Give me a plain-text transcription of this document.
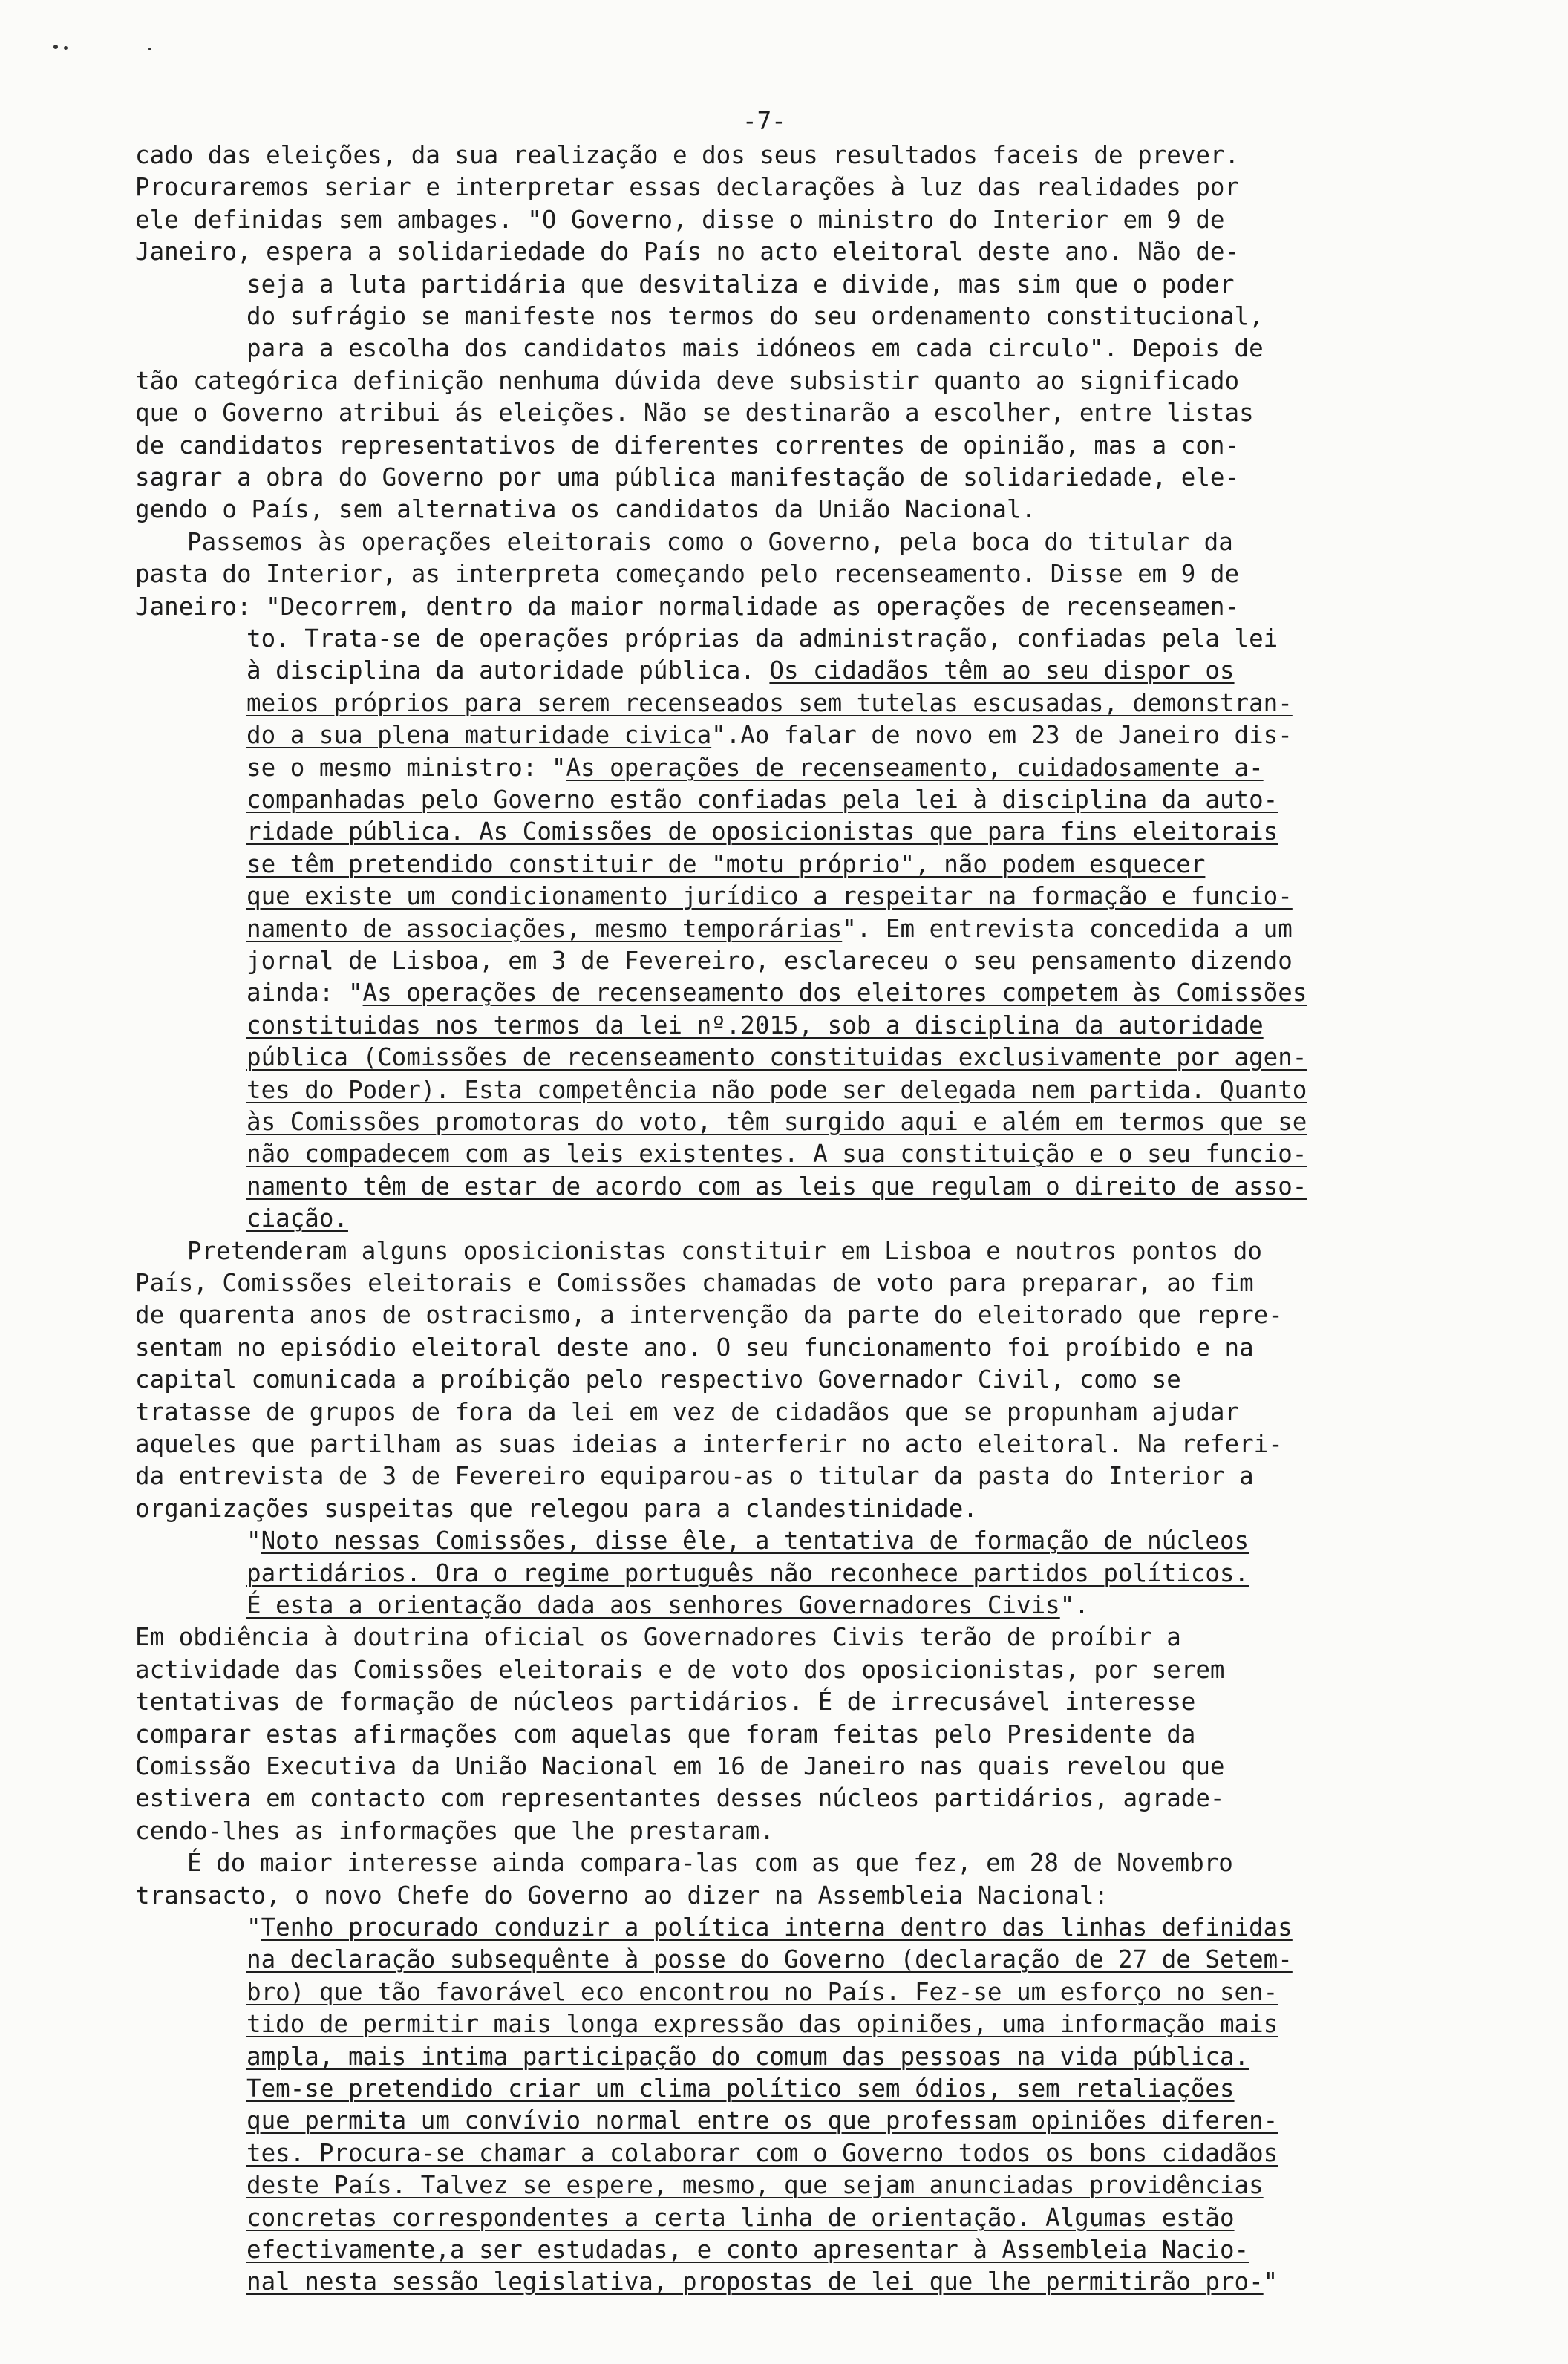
-7-
cado das eleições, da sua realização e dos seus resultados faceis de prever.
Procuraremos seriar e interpretar essas declarações à luz das realidades por
ele definidas sem ambages. "O Governo, disse o ministro do Interior em 9 de
Janeiro, espera a solidariedade do País no acto eleitoral deste ano. Não de-
seja a luta partidária que desvitaliza e divide, mas sim que o poder
do sufrágio se manifeste nos termos do seu ordenamento constitucional,
para a escolha dos candidatos mais idóneos em cada circulo". Depois de
tão categórica definição nenhuma dúvida deve subsistir quanto ao significado
que o Governo atribui ás eleições. Não se destinarão a escolher, entre listas
de candidatos representativos de diferentes correntes de opinião, mas a con-
sagrar a obra do Governo por uma pública manifestação de solidariedade, ele-
gendo o País, sem alternativa os candidatos da União Nacional.
Passemos às operações eleitorais como o Governo, pela boca do titular da
pasta do Interior, as interpreta começando pelo recenseamento. Disse em 9 de
Janeiro: "Decorrem, dentro da maior normalidade as operações de recenseamen-
to. Trata-se de operações próprias da administração, confiadas pela lei
à disciplina da autoridade pública. Os cidadãos têm ao seu dispor os
meios próprios para serem recenseados sem tutelas escusadas, demonstran-
do a sua plena maturidade civica".Ao falar de novo em 23 de Janeiro dis-
se o mesmo ministro: "As operações de recenseamento, cuidadosamente a-
companhadas pelo Governo estão confiadas pela lei à disciplina da auto-
ridade pública. As Comissões de oposicionistas que para fins eleitorais
se têm pretendido constituir de "motu próprio", não podem esquecer
que existe um condicionamento jurídico a respeitar na formação e funcio-
namento de associações, mesmo temporárias". Em entrevista concedida a um
jornal de Lisboa, em 3 de Fevereiro, esclareceu o seu pensamento dizendo
ainda: "As operações de recenseamento dos eleitores competem às Comissões
constituidas nos termos da lei nº.2015, sob a disciplina da autoridade
pública (Comissões de recenseamento constituidas exclusivamente por agen-
tes do Poder). Esta competência não pode ser delegada nem partida. Quanto
às Comissões promotoras do voto, têm surgido aqui e além em termos que se
não compadecem com as leis existentes. A sua constituição e o seu funcio-
namento têm de estar de acordo com as leis que regulam o direito de asso-
ciação.
Pretenderam alguns oposicionistas constituir em Lisboa e noutros pontos do
País, Comissões eleitorais e Comissões chamadas de voto para preparar, ao fim
de quarenta anos de ostracismo, a intervenção da parte do eleitorado que repre-
sentam no episódio eleitoral deste ano. O seu funcionamento foi proíbido e na
capital comunicada a proíbição pelo respectivo Governador Civil, como se
tratasse de grupos de fora da lei em vez de cidadãos que se propunham ajudar
aqueles que partilham as suas ideias a interferir no acto eleitoral. Na referi-
da entrevista de 3 de Fevereiro equiparou-as o titular da pasta do Interior a
organizações suspeitas que relegou para a clandestinidade.
"Noto nessas Comissões, disse êle, a tentativa de formação de núcleos
partidários. Ora o regime português não reconhece partidos políticos.
É esta a orientação dada aos senhores Governadores Civis".
Em obdiência à doutrina oficial os Governadores Civis terão de proíbir a
actividade das Comissões eleitorais e de voto dos oposicionistas, por serem
tentativas de formação de núcleos partidários. É de irrecusável interesse
comparar estas afirmações com aquelas que foram feitas pelo Presidente da
Comissão Executiva da União Nacional em 16 de Janeiro nas quais revelou que
estivera em contacto com representantes desses núcleos partidários, agrade-
cendo-lhes as informações que lhe prestaram.
É do maior interesse ainda compara-las com as que fez, em 28 de Novembro
transacto, o novo Chefe do Governo ao dizer na Assembleia Nacional:
"Tenho procurado conduzir a política interna dentro das linhas definidas
na declaração subsequênte à posse do Governo (declaração de 27 de Setem-
bro) que tão favorável eco encontrou no País. Fez-se um esforço no sen-
tido de permitir mais longa expressão das opiniões, uma informação mais
ampla, mais intima participação do comum das pessoas na vida pública.
Tem-se pretendido criar um clima político sem ódios, sem retaliações
que permita um convívio normal entre os que professam opiniões diferen-
tes. Procura-se chamar a colaborar com o Governo todos os bons cidadãos
deste País. Talvez se espere, mesmo, que sejam anunciadas providências
concretas correspondentes a certa linha de orientação. Algumas estão
efectivamente,a ser estudadas, e conto apresentar à Assembleia Nacio-
nal nesta sessão legislativa, propostas de lei que lhe permitirão pro-"
